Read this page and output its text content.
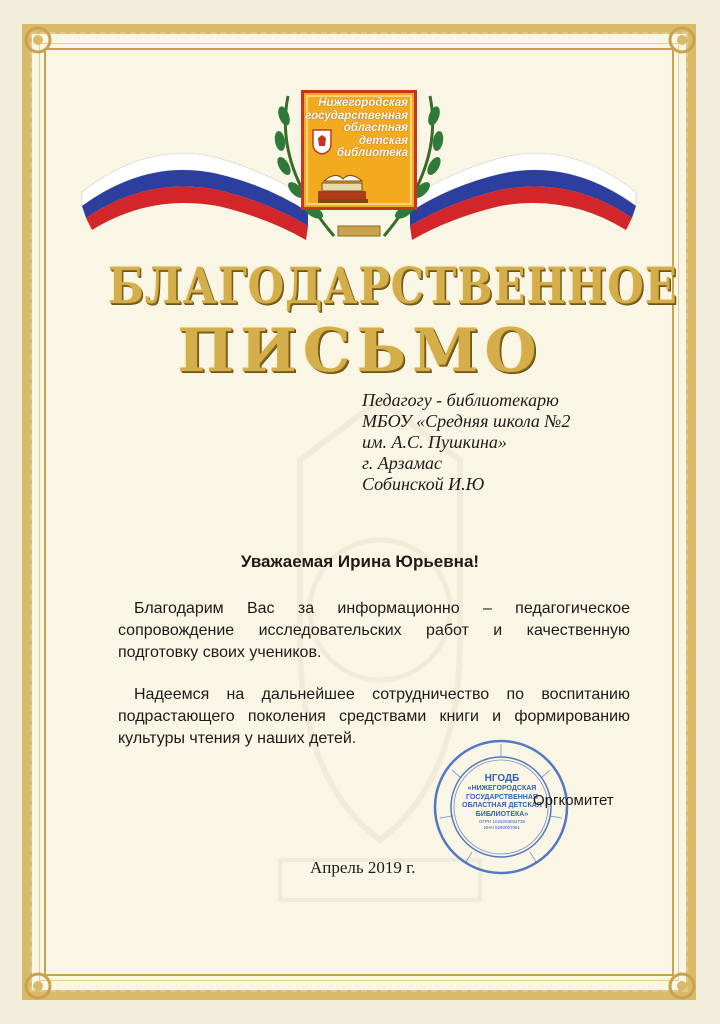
Нижегородская
государственная
областная
детская
библиотека
БЛАГОДАРСТВЕННОЕ
ПИСЬМО
Педагогу - библиотекарю
МБОУ «Средняя школа №2
им. А.С. Пушкина»
г. Арзамас
Собинской И.Ю
Уважаемая Ирина Юрьевна!
Благодарим Вас за информационно – педагогическое сопровождение исследовательских работ и качественную подготовку своих учеников.
Надеемся на дальнейшее сотрудничество по воспитанию подрастающего поколения средствами книги и формированию культуры чтения у наших детей.
НГОДБ
«НИЖЕГОРОДСКАЯ
ГОСУДАРСТВЕННАЯ
ОБЛАСТНАЯ ДЕТСКАЯ
БИБЛИОТЕКА»
ОГРН 1025203032739
ИНН 5260007061
Оргкомитет
Апрель 2019 г.
